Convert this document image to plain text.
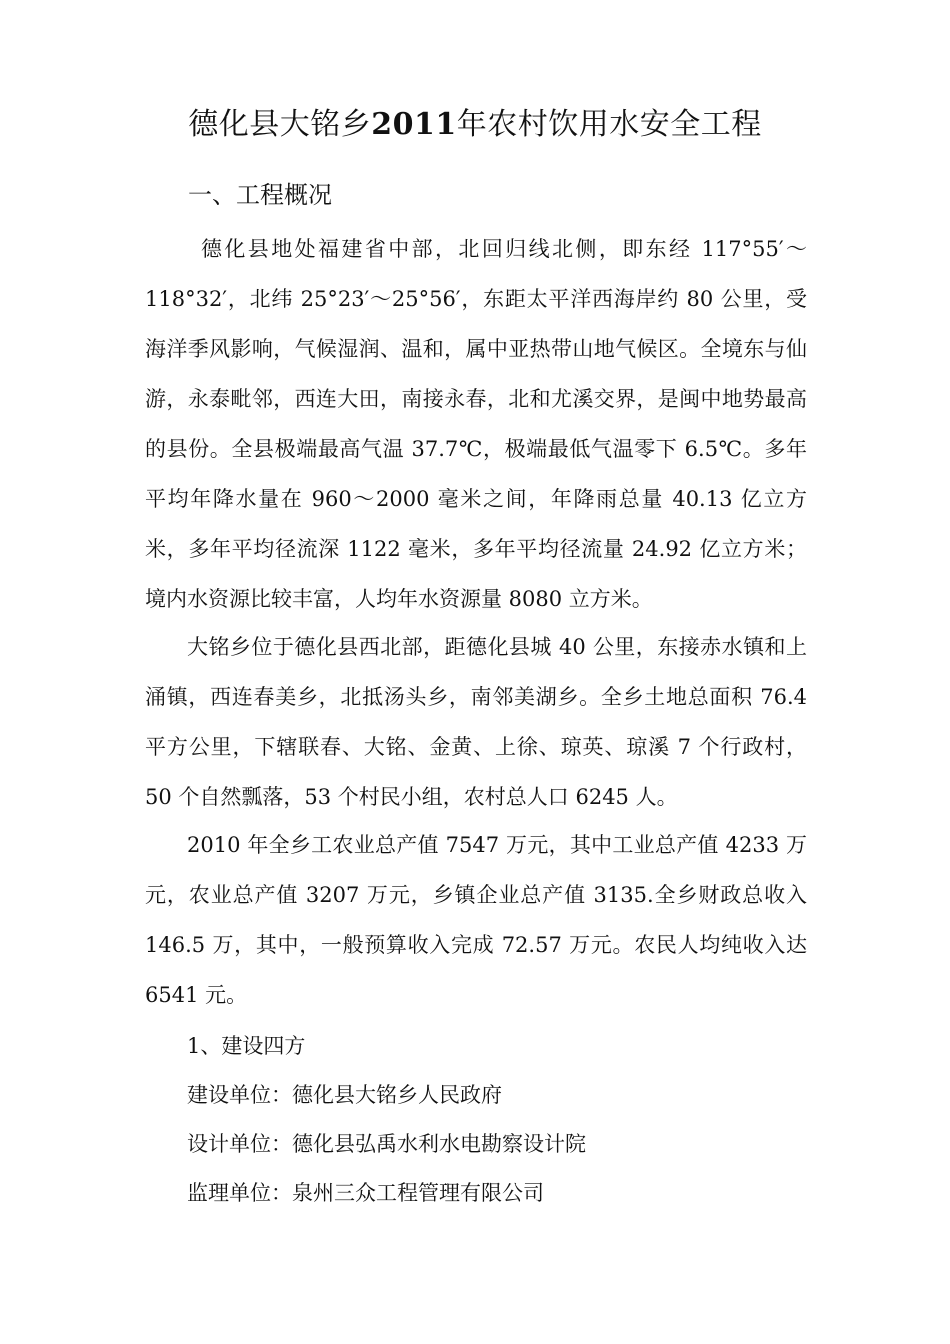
德化县大铭乡2011年农村饮用水安全工程
一、工程概况

德化县地处福建省中部，北回归线北侧，即东经 117°55′～118°32′，北纬 25°23′～25°56′，东距太平洋西海岸约 80 公里，受海洋季风影响，气候湿润、温和，属中亚热带山地气候区。全境东与仙游，永泰毗邻，西连大田，南接永春，北和尤溪交界，是闽中地势最高的县份。全县极端最高气温 37.7℃，极端最低气温零下 6.5℃。多年平均年降水量在 960～2000 毫米之间，年降雨总量 40.13 亿立方米，多年平均径流深 1122 毫米，多年平均径流量 24.92 亿立方米；境内水资源比较丰富，人均年水资源量 8080 立方米。

大铭乡位于德化县西北部，距德化县城 40 公里，东接赤水镇和上涌镇，西连春美乡，北抵汤头乡，南邻美湖乡。全乡土地总面积 76.4 平方公里，下辖联春、大铭、金黄、上徐、琼英、琼溪 7 个行政村，50 个自然瓢落，53 个村民小组，农村总人口 6245 人。

2010 年全乡工农业总产值 7547 万元，其中工业总产值 4233 万元，农业总产值 3207 万元，乡镇企业总产值 3135.全乡财政总收入 146.5 万，其中，一般预算收入完成 72.57 万元。农民人均纯收入达 6541 元。

1、建设四方

建设单位：德化县大铭乡人民政府

设计单位：德化县弘禹水利水电勘察设计院

监理单位：泉州三众工程管理有限公司
